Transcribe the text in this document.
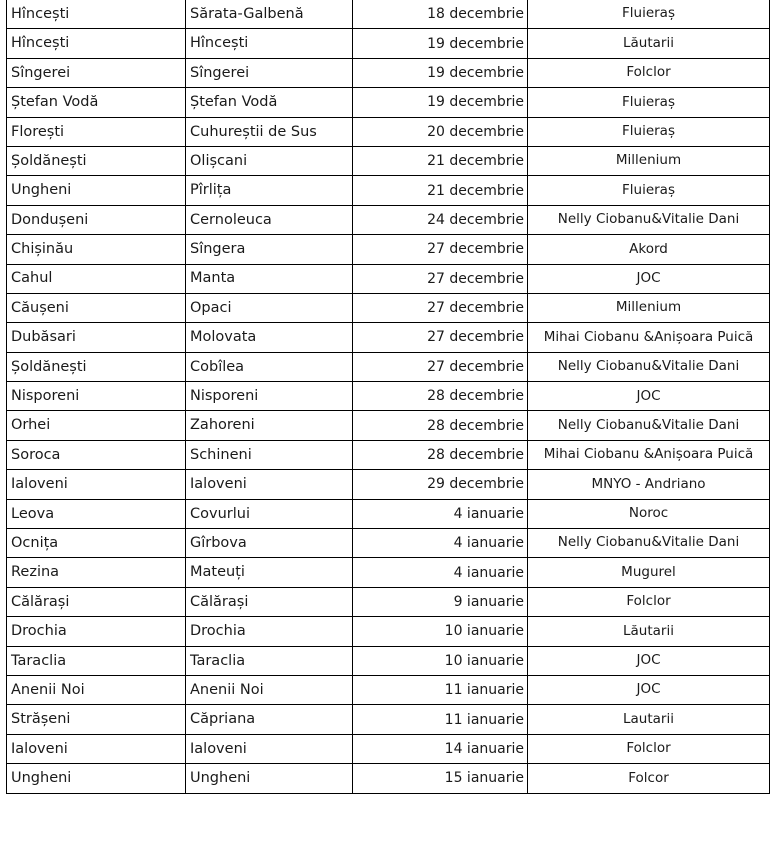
Hîncești	Sărata-Galbenă	18 decembrie	Fluieraș
Hîncești	Hîncești	19 decembrie	Lăutarii
Sîngerei	Sîngerei	19 decembrie	Folclor
Ștefan Vodă	Ștefan Vodă	19 decembrie	Fluieraș
Florești	Cuhureștii de Sus	20 decembrie	Fluieraș
Șoldănești	Olișcani	21 decembrie	Millenium
Ungheni	Pîrlița	21 decembrie	Fluieraș
Dondușeni	Cernoleuca	24 decembrie	Nelly Ciobanu&Vitalie Dani
Chișinău	Sîngera	27 decembrie	Akord
Cahul	Manta	27 decembrie	JOC
Căușeni	Opaci	27 decembrie	Millenium
Dubăsari	Molovata	27 decembrie	Mihai Ciobanu &Anișoara Puică
Șoldănești	Cobîlea	27 decembrie	Nelly Ciobanu&Vitalie Dani
Nisporeni	Nisporeni	28 decembrie	JOC
Orhei	Zahoreni	28 decembrie	Nelly Ciobanu&Vitalie Dani
Soroca	Schineni	28 decembrie	Mihai Ciobanu &Anișoara Puică
Ialoveni	Ialoveni	29 decembrie	MNYO - Andriano
Leova	Covurlui	4 ianuarie	Noroc
Ocnița	Gîrbova	4 ianuarie	Nelly Ciobanu&Vitalie Dani
Rezina	Mateuți	4 ianuarie	Mugurel
Călărași	Călărași	9 ianuarie	Folclor
Drochia	Drochia	10 ianuarie	Lăutarii
Taraclia	Taraclia	10 ianuarie	JOC
Anenii Noi	Anenii Noi	11 ianuarie	JOC
Strășeni	Căpriana	11 ianuarie	Lautarii
Ialoveni	Ialoveni	14 ianuarie	Folclor
Ungheni	Ungheni	15 ianuarie	Folcor
